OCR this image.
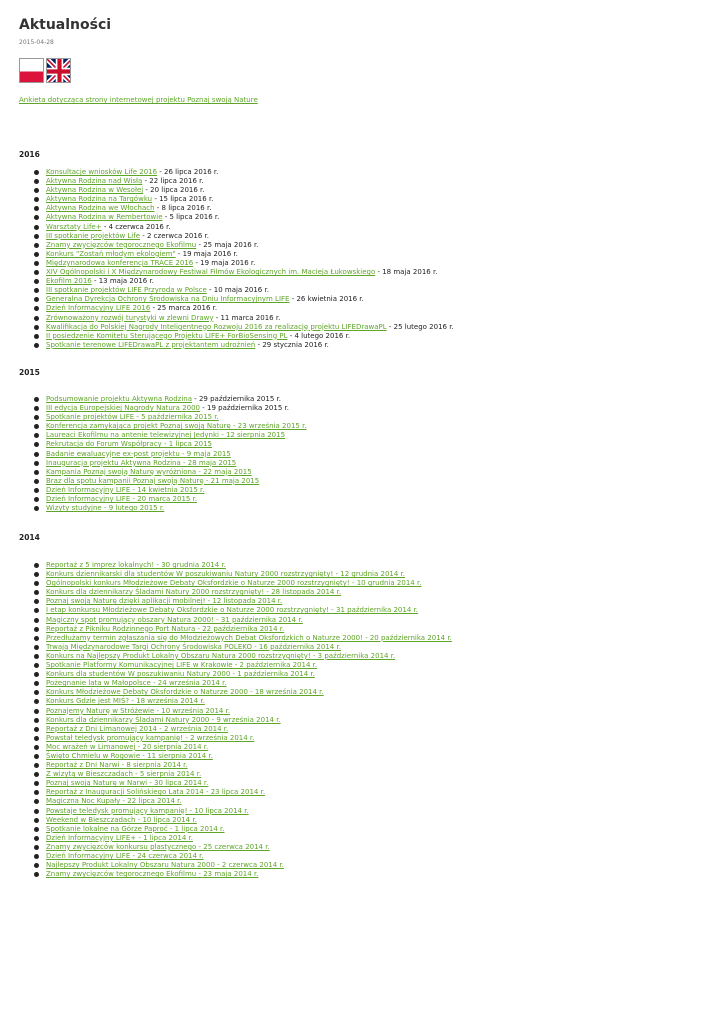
Aktualności
2015-04-28
Ankieta dotycząca strony internetowej projektu Poznaj swoją Nature
2016
Konsultacje wniosków Life 2016 - 26 lipca 2016 r.
Aktywna Rodzina nad Wisłą - 22 lipca 2016 r.
Aktywna Rodzina w Wesołej - 20 lipca 2016 r.
Aktywna Rodzina na Targówku - 15 lipca 2016 r.
Aktywna Rodzina we Włochach - 8 lipca 2016 r.
Aktywna Rodzina w Rembertowie - 5 lipca 2016 r.
Warsztaty Life+ - 4 czerwca 2016 r.
III spotkanie projektów Life - 2 czerwca 2016 r.
Znamy zwycięzców tegorocznego Ekofilmu - 25 maja 2016 r.
Konkurs "Zostań młodym ekologiem" - 19 maja 2016 r.
Międzynarodowa konferencja TRACE 2016 - 19 maja 2016 r.
XIV Ogólnopolski i X Międzynarodowy Festiwal Filmów Ekologicznych im. Macieja Łukowskiego - 18 maja 2016 r.
Ekofilm 2016 - 13 maja 2016 r.
III spotkanie projektów LIFE Przyroda w Polsce - 10 maja 2016 r.
Generalna Dyrekcja Ochrony Środowiska na Dniu Informacyjnym LIFE - 26 kwietnia 2016 r.
Dzień Informacyjny LIFE 2016 - 25 marca 2016 r.
Zrównoważony rozwój turystyki w zlewni Drawy - 11 marca 2016 r.
Kwalifikacja do Polskiej Nagrody Inteligentnego Rozwoju 2016 za realizację projektu LIFEDrawaPL - 25 lutego 2016 r.
II posiedzenie Komitetu Sterującego Projektu LIFE+ ForBioSensing PL - 4 lutego 2016 r.
Spotkanie terenowe LIFEDrawaPL z projektantem udrożnień - 29 stycznia 2016 r.
2015
Podsumowanie projektu Aktywna Rodzina - 29 października 2015 r.
III edycja Europejskiej Nagrody Natura 2000 - 19 października 2015 r.
Spotkanie projektów LIFE - 5 października 2015 r.
Konferencja zamykająca projekt Poznaj swoją Naturę - 23 września 2015 r.
Laureaci Ekofilmu na antenie telewizyjnej Jedynki - 12 sierpnia 2015
Rekrutacja do Forum Współpracy - 1 lipca 2015
Badanie ewaluacyjne ex-post projektu - 9 maja 2015
Inauguracja projektu Aktywna Rodzina - 28 maja 2015
Kampania Poznaj swoją Naturę wyróżniona - 22 maja 2015
Braz dla spotu kampanii Poznaj swoją Naturę - 21 maja 2015
Dzień Informacyjny LIFE - 14 kwietnia 2015 r.
Dzień Informacyjny LIFE - 20 marca 2015 r.
Wizyty studyjne - 9 lutego 2015 r.
2014
Reportaż z 5 imprez lokalnych! - 30 grudnia 2014 r.
Konkurs dziennikarski dla studentów W poszukiwaniu Natury 2000 rozstrzygnięty! - 12 grudnia 2014 r.
Ogólnopolski konkurs Młodzieżowe Debaty Oksfordzkie o Naturze 2000 rozstrzygnięty! - 10 grudnia 2014 r.
Konkurs dla dziennikarzy Śladami Natury 2000 rozstrzygnięty! - 28 listopada 2014 r.
Poznaj swoją Naturę dzięki aplikacji mobilnej! - 12 listopada 2014 r.
I etap konkursu Młodzieżowe Debaty Oksfordzkie o Naturze 2000 rozstrzygnięty! - 31 października 2014 r.
Magiczny spot promujący obszary Natura 2000! - 31 października 2014 r.
Reportaż z Pikniku Rodzinnego Port Natura - 22 października 2014 r.
Przedłużamy termin zgłaszania się do Młodzieżowych Debat Oksfordzkich o Naturze 2000! - 20 października 2014 r.
Trwają Międzynarodowe Targi Ochrony Środowiska POLEKO - 16 października 2014 r.
Konkurs na Najlepszy Produkt Lokalny Obszaru Natura 2000 rozstrzygnięty! - 3 października 2014 r.
Spotkanie Platformy Komunikacyjnej LIFE w Krakowie - 2 października 2014 r.
Konkurs dla studentów W poszukiwaniu Natury 2000 - 1 października 2014 r.
Pożegnanie lata w Małopolsce - 24 września 2014 r.
Konkurs Młodzieżowe Debaty Oksfordzkie o Naturze 2000 - 18 września 2014 r.
Konkurs Gdzie jest MIŚ? - 18 września 2014 r.
Poznajemy Naturę w Stróżewie - 10 września 2014 r.
Konkurs dla dziennikarzy Śladami Natury 2000 - 9 września 2014 r.
Reportaż z Dni Limanowej 2014 - 2 września 2014 r.
Powstał teledysk promujący kampanię! - 2 września 2014 r.
Moc wrażeń w Limanowej - 20 sierpnia 2014 r.
Święto Chmielu w Rogowie - 11 sierpnia 2014 r.
Reportaż z Dni Narwi - 8 sierpnia 2014 r.
Z wizytą w Bieszczadach - 5 sierpnia 2014 r.
Poznaj swoją Naturę w Narwi - 30 lipca 2014 r.
Reportaż z Inauguracji Solińskiego Lata 2014 - 23 lipca 2014 r.
Magiczna Noc Kupały - 22 lipca 2014 r.
Powstaje teledysk promujący kampanię! - 10 lipca 2014 r.
Weekend w Bieszczadach - 10 lipca 2014 r.
Spotkanie lokalne na Górze Paproć - 1 lipca 2014 r.
Dzień Informacyjny LIFE+ - 1 lipca 2014 r.
Znamy zwycięzców konkursu plastycznego - 25 czerwca 2014 r.
Dzień Informacyjny LIFE - 24 czerwca 2014 r.
Najlepszy Produkt Lokalny Obszaru Natura 2000 - 2 czerwca 2014 r.
Znamy zwycięzców tegorocznego Ekofilmu - 23 maja 2014 r.
